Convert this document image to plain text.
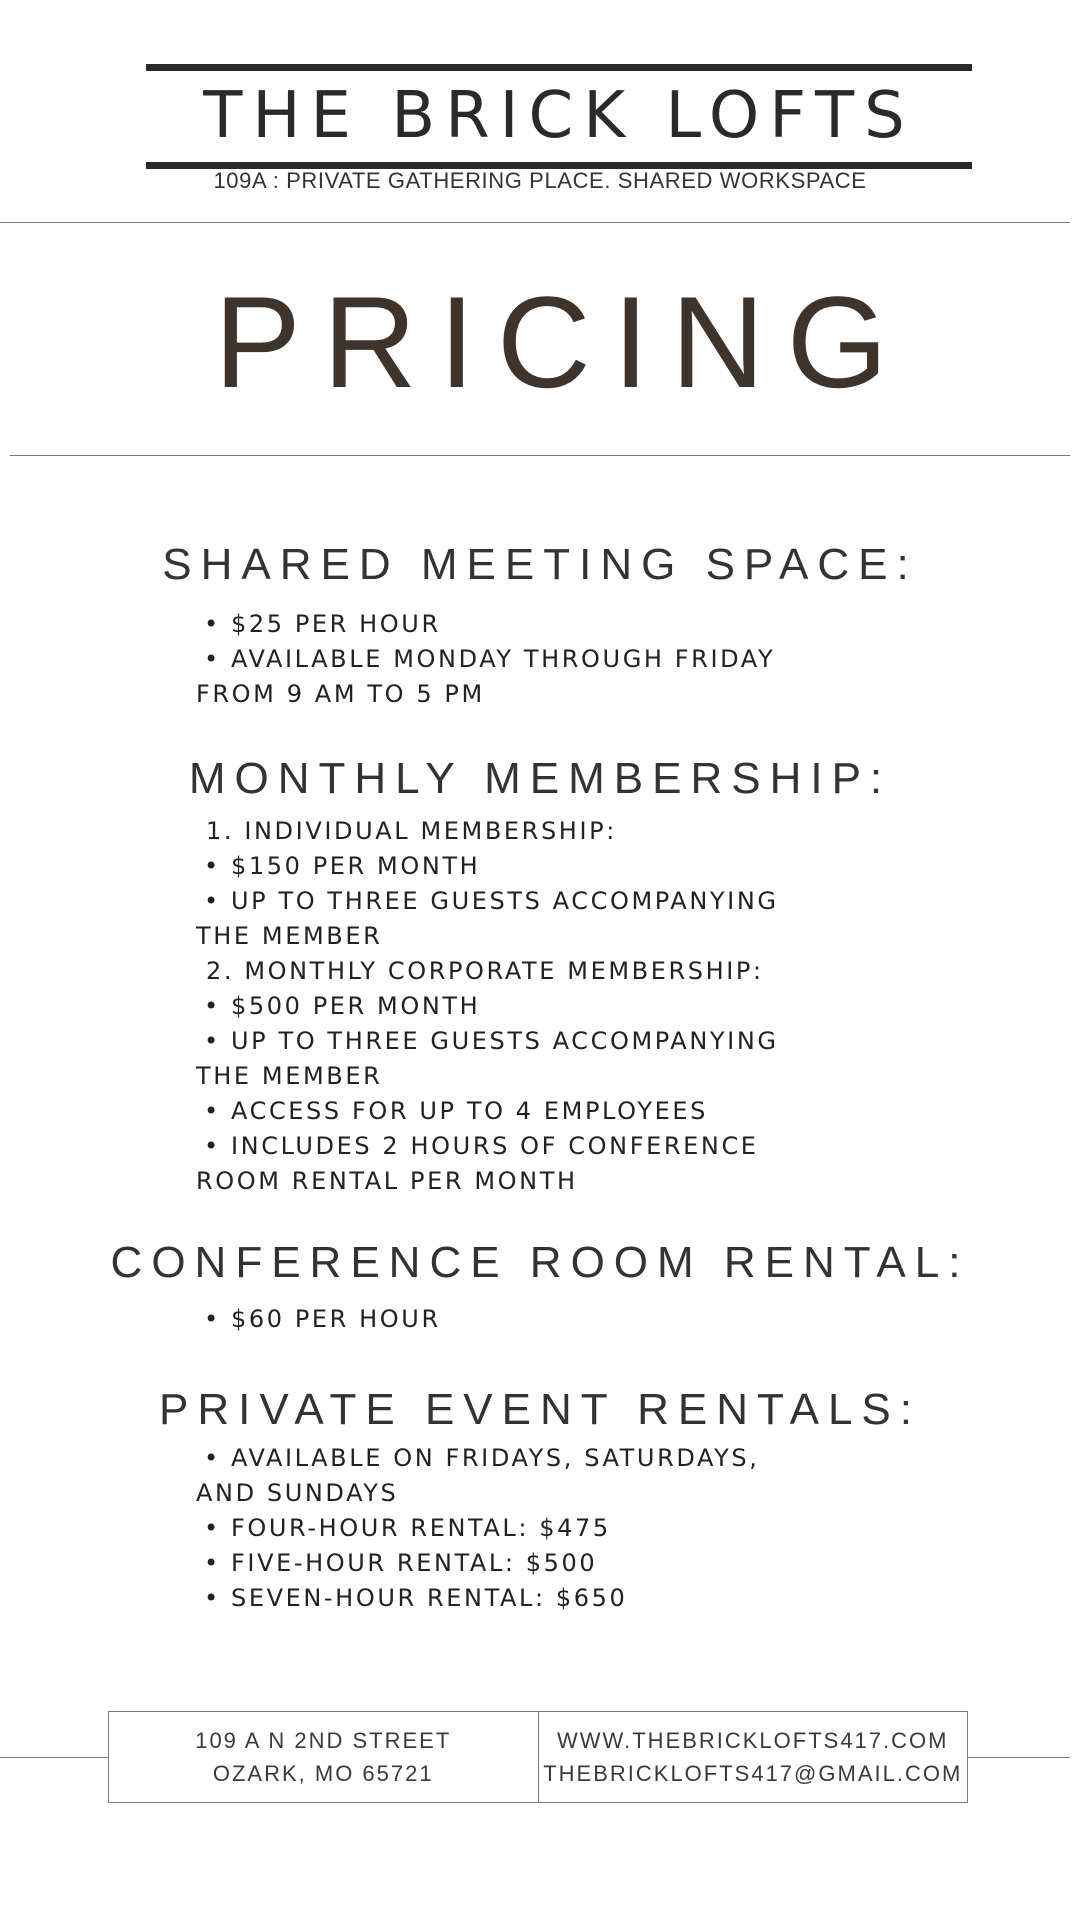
THE BRICK LOFTS
109A : PRIVATE GATHERING PLACE. SHARED WORKSPACE
PRICING
SHARED MEETING SPACE:
• $25 PER HOUR
• AVAILABLE MONDAY THROUGH FRIDAY
FROM 9 AM TO 5 PM
MONTHLY MEMBERSHIP:
1. INDIVIDUAL MEMBERSHIP:
• $150 PER MONTH
• UP TO THREE GUESTS ACCOMPANYING
THE MEMBER
2. MONTHLY CORPORATE MEMBERSHIP:
• $500 PER MONTH
• UP TO THREE GUESTS ACCOMPANYING
THE MEMBER
• ACCESS FOR UP TO 4 EMPLOYEES
• INCLUDES 2 HOURS OF CONFERENCE
ROOM RENTAL PER MONTH
CONFERENCE ROOM RENTAL:
• $60 PER HOUR
PRIVATE EVENT RENTALS:
• AVAILABLE ON FRIDAYS, SATURDAYS,
AND SUNDAYS
• FOUR-HOUR RENTAL: $475
• FIVE-HOUR RENTAL: $500
• SEVEN-HOUR RENTAL: $650
109 A N 2ND STREET
OZARK, MO 65721
WWW.THEBRICKLOFTS417.COM
THEBRICKLOFTS417@GMAIL.COM
